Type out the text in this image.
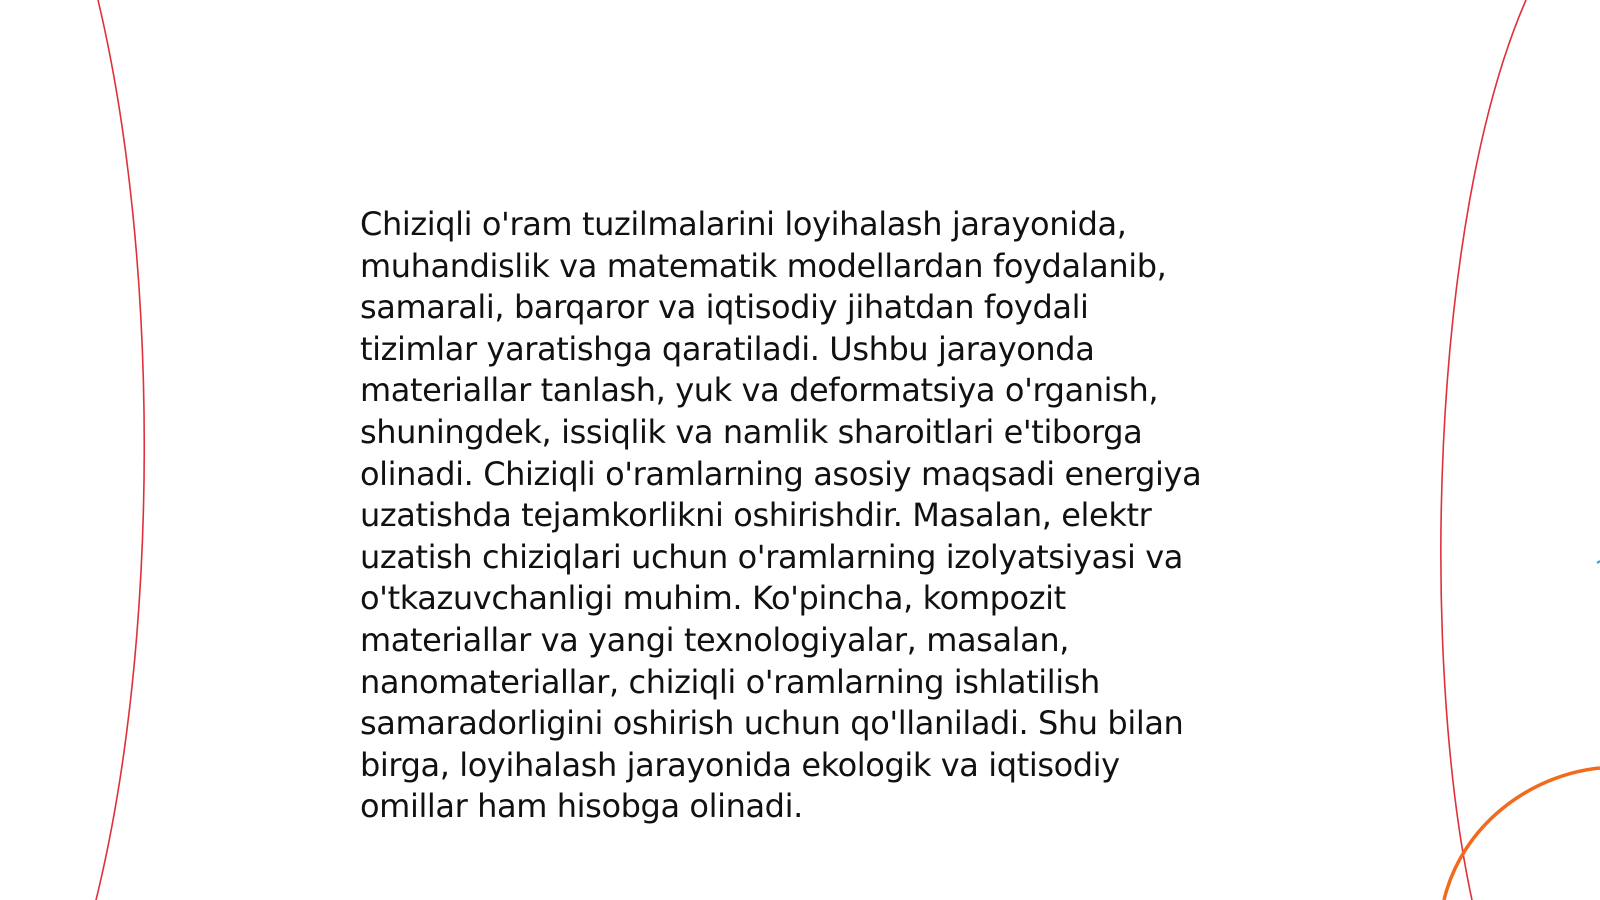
Chiziqli o'ram tuzilmalarini loyihalash jarayonida,
muhandislik va matematik modellardan foydalanib,
samarali, barqaror va iqtisodiy jihatdan foydali
tizimlar yaratishga qaratiladi. Ushbu jarayonda
materiallar tanlash, yuk va deformatsiya o'rganish,
shuningdek, issiqlik va namlik sharoitlari e'tiborga
olinadi. Chiziqli o'ramlarning asosiy maqsadi energiya
uzatishda tejamkorlikni oshirishdir. Masalan, elektr
uzatish chiziqlari uchun o'ramlarning izolyatsiyasi va
o'tkazuvchanligi muhim. Ko'pincha, kompozit
materiallar va yangi texnologiyalar, masalan,
nanomateriallar, chiziqli o'ramlarning ishlatilish
samaradorligini oshirish uchun qo'llaniladi. Shu bilan
birga, loyihalash jarayonida ekologik va iqtisodiy
omillar ham hisobga olinadi.
